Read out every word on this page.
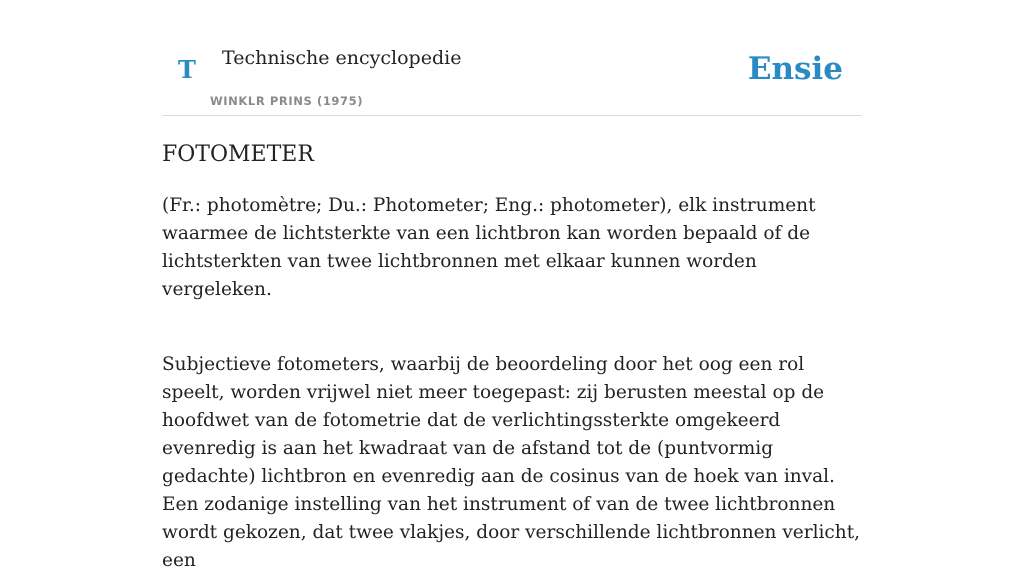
T Technische encyclopedie
WINKLR PRINS (1975)
Ensie
FOTOMETER

(Fr.: photomètre; Du.: Photometer; Eng.: photometer), elk instrument waarmee de lichtsterkte van een lichtbron kan worden bepaald of de lichtsterkten van twee lichtbronnen met elkaar kunnen worden vergeleken.

Subjectieve fotometers, waarbij de beoordeling door het oog een rol speelt, worden vrijwel niet meer toegepast: zij berusten meestal op de hoofdwet van de fotometrie dat de verlichtingssterkte omgekeerd evenredig is aan het kwadraat van de afstand tot de (puntvormig gedachte) lichtbron en evenredig aan de cosinus van de hoek van inval. Een zodanige instelling van het instrument of van de twee lichtbronnen wordt gekozen, dat twee vlakjes, door verschillende lichtbronnen verlicht, een
